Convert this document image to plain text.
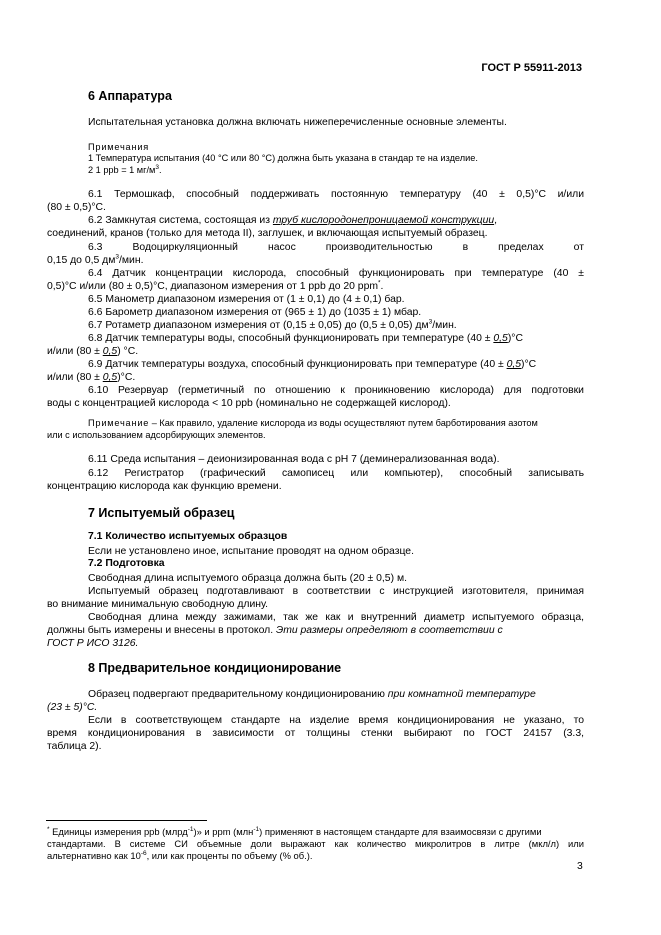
ГОСТ Р 55911-2013
6 Аппаратура
Испытательная установка должна включать нижеперечисленные основные элементы.
Примечания
1 Температура испытания (40 °С или 80 °С) должна быть указана в стандар те на изделие.
2 1 ppb = 1 $мг/м^3$.
6.1 Термошкаф, способный поддерживать постоянную температуру (40 ± 0,5)°С и/или
(80 ± 0,5)°С.
6.2 Замкнутая система, состоящая из труб кислородонепроницаемой конструкции,
соединений, кранов (только для метода II), заглушек, и включающая испытуемый образец.
6.3 Водоциркуляционный насос производительностью в пределах от
0,15 до 0,5 $дм^3$/мин.
6.4 Датчик концентрации кислорода, способный функционировать при температуре (40 ±
0,5)°С и/или (80 ± 0,5)°С, диапазоном измерения от 1 ppb до 20 ppm*.
6.5 Манометр диапазоном измерения от (1 ± 0,1) до (4 ± 0,1) бар.
6.6 Барометр диапазоном измерения от (965 ± 1) до (1035 ± 1) мбар.
6.7 Ротаметр диапазоном измерения от (0,15 ± 0,05) до (0,5 ± 0,05) $дм^3$/мин.
6.8 Датчик температуры воды, способный функционировать при температуре (40 ± 0,5)°С
и/или (80 ± 0,5) °С.
6.9 Датчик температуры воздуха, способный функционировать при температуре (40 ± 0,5)°С
и/или (80 ± 0,5)°С.
6.10 Резервуар (герметичный по отношению к проникновению кислорода) для подготовки
воды с концентрацией кислорода < 10 ppb (номинально не содержащей кислород).
Примечание – Как правило, удаление кислорода из воды осуществляют путем барботирования азотом
или с использованием адсорбирующих элементов.
6.11 Среда испытания – деионизированная вода с pH 7 (деминерализованная вода).
6.12 Регистратор (графический самописец или компьютер), способный записывать
концентрацию кислорода как функцию времени.
7 Испытуемый образец
7.1 Количество испытуемых образцов
Если не установлено иное, испытание проводят на одном образце.
7.2 Подготовка
Свободная длина испытуемого образца должна быть (20 ± 0,5) м.
Испытуемый образец подготавливают в соответствии с инструкцией изготовителя, принимая
во внимание минимальную свободную длину.
Свободная длина между зажимами, так же как и внутренний диаметр испытуемого образца,
должны быть измерены и внесены в протокол. Эти размеры определяют в соответствии с
ГОСТ Р ИСО 3126.
8 Предварительное кондиционирование
Образец подвергают предварительному кондиционированию при комнатной температуре
(23 ± 5)°С.
Если в соответствующем стандарте на изделие время кондиционирования не указано, то
время кондиционирования в зависимости от толщины стенки выбирают по ГОСТ 24157 (3.3,
таблица 2).
* Единицы измерения ppb (млрд$^{-1}$)» и ppm (млн$^{-1}$) применяют в настоящем стандарте для взаимосвязи с другими
стандартами. В системе СИ объемные доли выражают как количество микролитров в литре (мкл/л) или
альтернативно как $10^{-6}$, или как проценты по объему (% об.).
3
